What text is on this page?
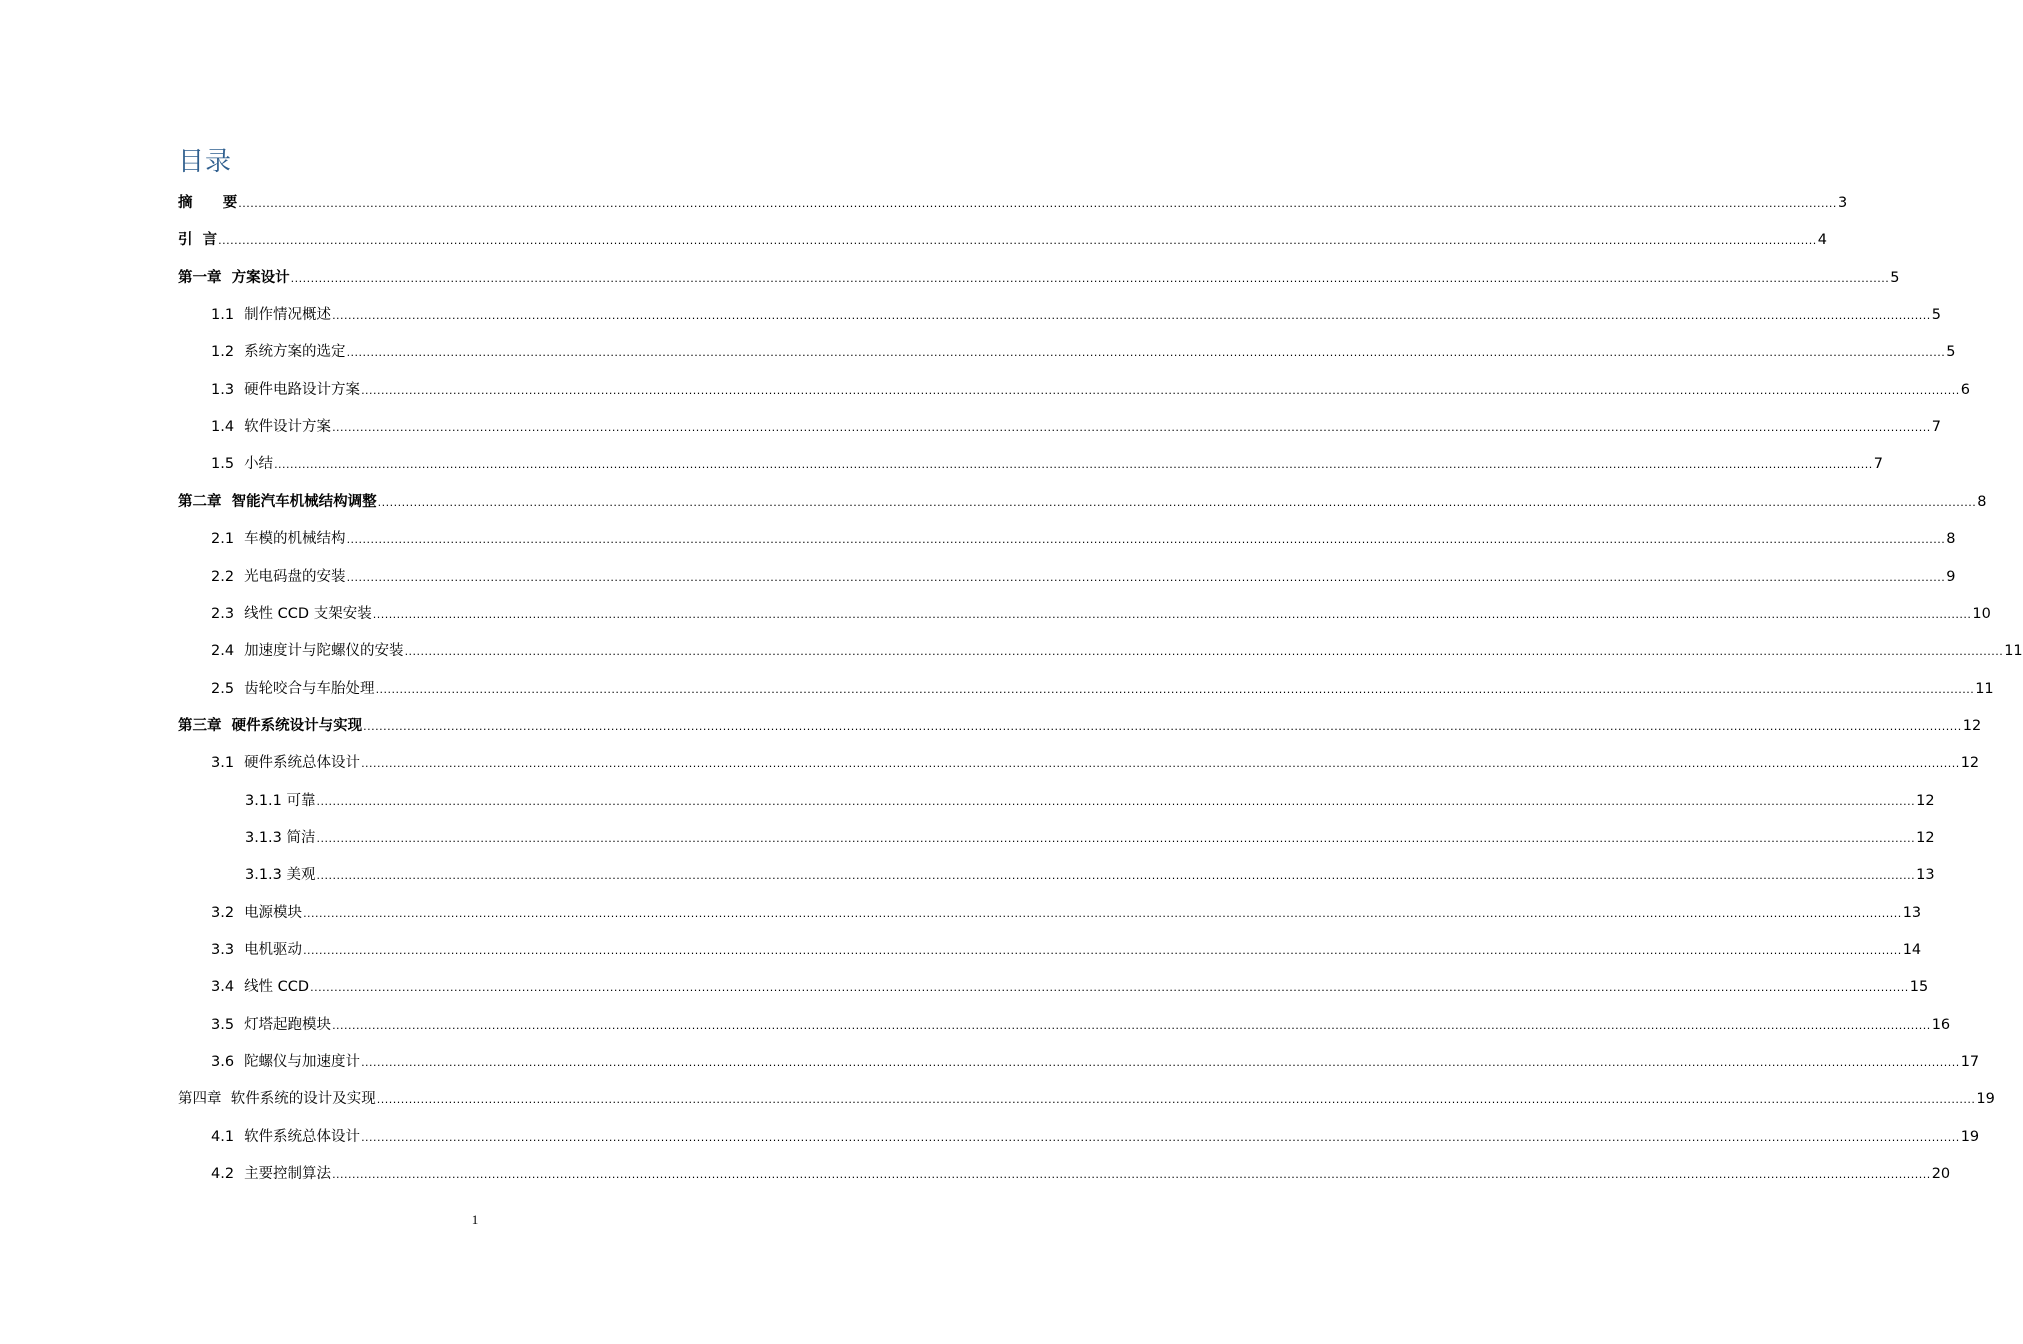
目录
摘      要 ................................................................................................................................................................................................................................................................................................................................................................................................................ 3
引  言 ................................................................................................................................................................................................................................................................................................................................................................................................................ 4
第一章  方案设计 ................................................................................................................................................................................................................................................................................................................................................................................................................ 5
1.1 制作情况概述 ................................................................................................................................................................................................................................................................................................................................................................................................................ 5
1.2 系统方案的选定 ................................................................................................................................................................................................................................................................................................................................................................................................................ 5
1.3 硬件电路设计方案 ................................................................................................................................................................................................................................................................................................................................................................................................................ 6
1.4 软件设计方案 ................................................................................................................................................................................................................................................................................................................................................................................................................ 7
1.5 小结 ................................................................................................................................................................................................................................................................................................................................................................................................................ 7
第二章  智能汽车机械结构调整 ................................................................................................................................................................................................................................................................................................................................................................................................................ 8
2.1 车模的机械结构 ................................................................................................................................................................................................................................................................................................................................................................................................................ 8
2.2 光电码盘的安装 ................................................................................................................................................................................................................................................................................................................................................................................................................ 9
2.3 线性 CCD 支架安装 ................................................................................................................................................................................................................................................................................................................................................................................................................ 10
2.4 加速度计与陀螺仪的安装 ................................................................................................................................................................................................................................................................................................................................................................................................................ 11
2.5 齿轮咬合与车胎处理 ................................................................................................................................................................................................................................................................................................................................................................................................................ 11
第三章  硬件系统设计与实现 ................................................................................................................................................................................................................................................................................................................................................................................................................ 12
3.1 硬件系统总体设计 ................................................................................................................................................................................................................................................................................................................................................................................................................ 12
3.1.1 可靠 ................................................................................................................................................................................................................................................................................................................................................................................................................ 12
3.1.3 简洁 ................................................................................................................................................................................................................................................................................................................................................................................................................ 12
3.1.3 美观 ................................................................................................................................................................................................................................................................................................................................................................................................................ 13
3.2 电源模块 ................................................................................................................................................................................................................................................................................................................................................................................................................ 13
3.3 电机驱动 ................................................................................................................................................................................................................................................................................................................................................................................................................ 14
3.4 线性 CCD ................................................................................................................................................................................................................................................................................................................................................................................................................ 15
3.5 灯塔起跑模块 ................................................................................................................................................................................................................................................................................................................................................................................................................ 16
3.6 陀螺仪与加速度计 ................................................................................................................................................................................................................................................................................................................................................................................................................ 17
第四章  软件系统的设计及实现 ................................................................................................................................................................................................................................................................................................................................................................................................................ 19
4.1 软件系统总体设计 ................................................................................................................................................................................................................................................................................................................................................................................................................ 19
4.2 主要控制算法 ................................................................................................................................................................................................................................................................................................................................................................................................................ 20
1
